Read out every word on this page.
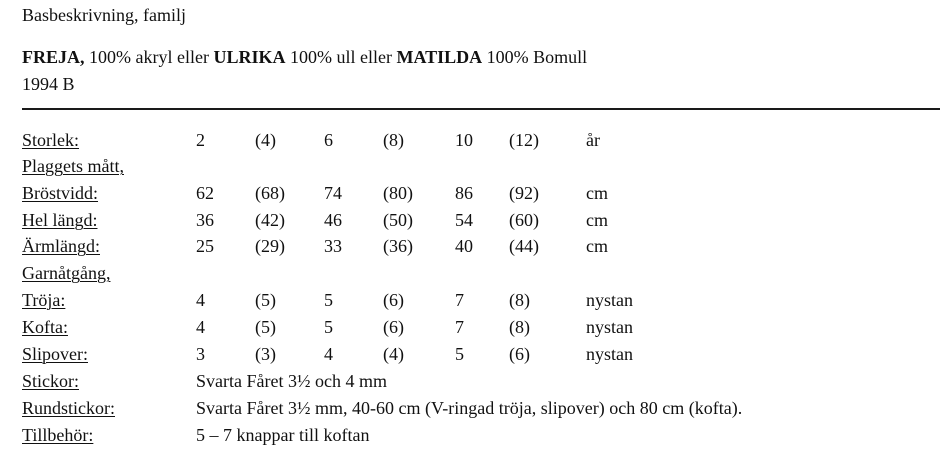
Basbeskrivning, familj
FREJA, 100% akryl eller ULRIKA 100% ull eller MATILDA 100% Bomull
1994 B
Storlek:	2	(4)	6	(8)	10 (12)	år
Plaggets mått,
Bröstvidd:	62 (68) 74 (80) 86 (92)	cm
Hel längd:	36 (42) 46 (50) 54 (60)	cm
Ärmlängd:	25 (29) 33 (36) 40 (44)	cm
Garnåtgång,
Tröja:	4	(5)	5	(6)	7	(8)	nystan
Kofta:	4	(5)	5	(6)	7	(8)	nystan
Slipover:	3	(3)	4	(4)	5	(6)	nystan
Stickor:	Svarta Fåret 3½ och 4 mm
Rundstickor:	Svarta Fåret 3½ mm, 40-60 cm (V-ringad tröja, slipover) och 80 cm (kofta).
Tillbehör:	5 – 7 knappar till koftan
